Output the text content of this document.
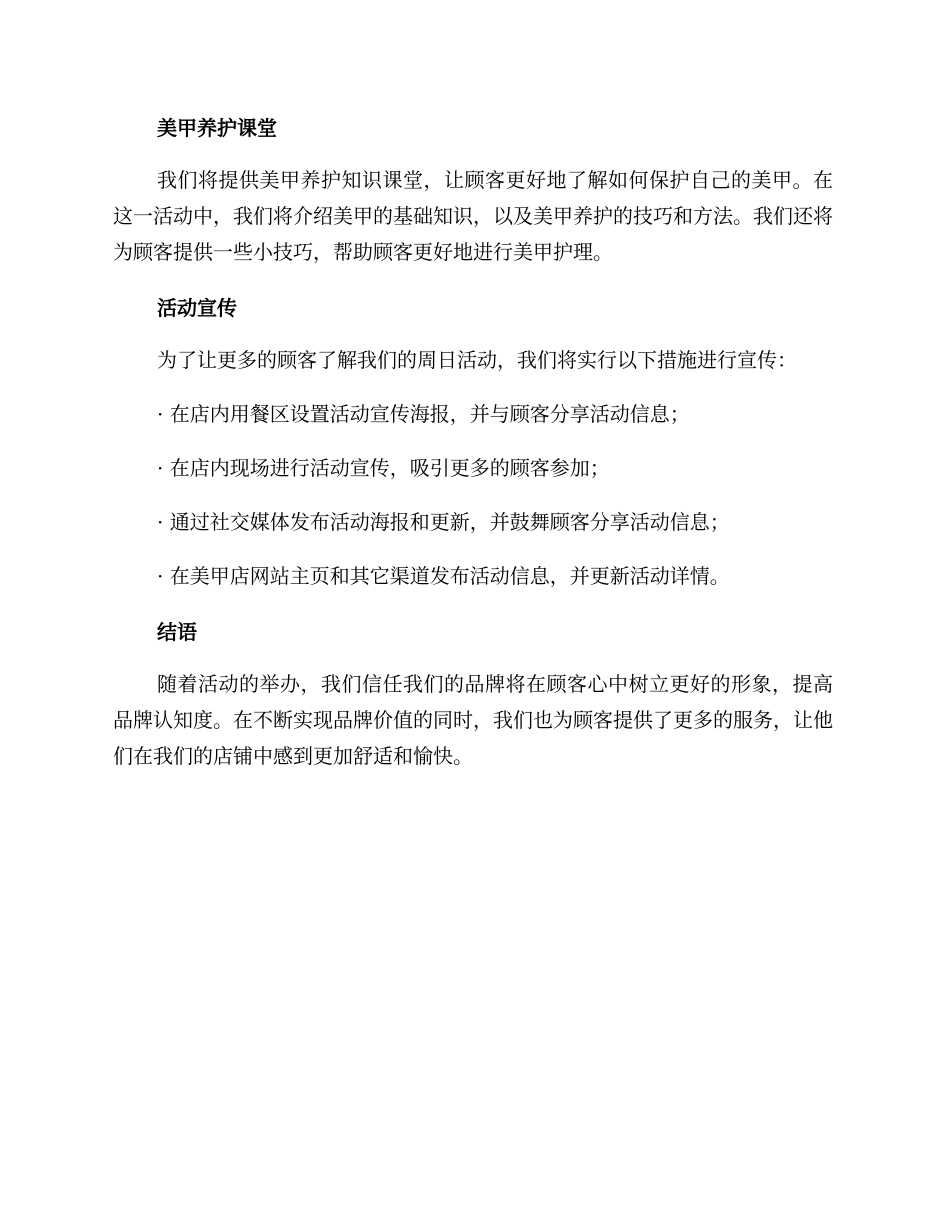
美甲养护课堂

我们将提供美甲养护知识课堂，让顾客更好地了解如何保护自己的美甲。在这一活动中，我们将介绍美甲的基础知识，以及美甲养护的技巧和方法。我们还将为顾客提供一些小技巧，帮助顾客更好地进行美甲护理。

活动宣传

为了让更多的顾客了解我们的周日活动，我们将实行以下措施进行宣传：

· 在店内用餐区设置活动宣传海报，并与顾客分享活动信息；
· 在店内现场进行活动宣传，吸引更多的顾客参加；
· 通过社交媒体发布活动海报和更新，并鼓舞顾客分享活动信息；
· 在美甲店网站主页和其它渠道发布活动信息，并更新活动详情。
结语

随着活动的举办，我们信任我们的品牌将在顾客心中树立更好的形象，提高品牌认知度。在不断实现品牌价值的同时，我们也为顾客提供了更多的服务，让他们在我们的店铺中感到更加舒适和愉快。
